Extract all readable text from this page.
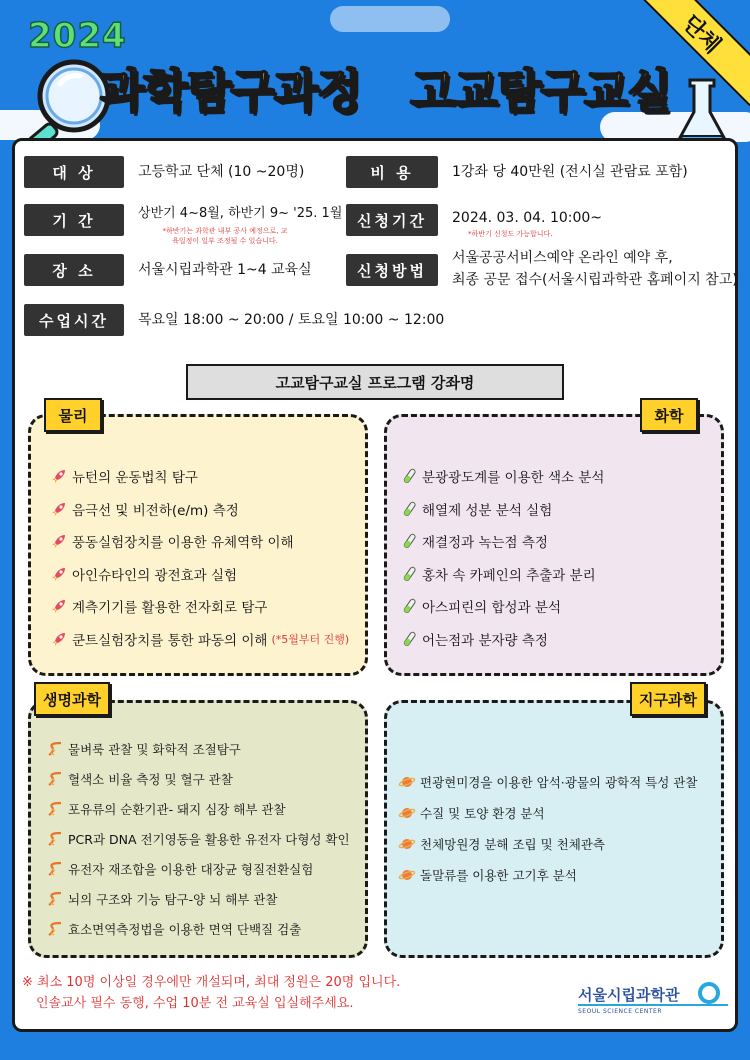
2024
과학탐구과정 고교탐구교실
단체
대 상	고등학교 단체 (10 ~20명)	비 용	1강좌 당 40만원 (전시실 관람료 포함)
기 간	상반기 4~8월, 하반기 9~ '25. 1월
*하반기는 과학관 내부 공사 예정으로, 교육일정이 일부 조정될 수 있습니다.
신청기간	2024. 03. 04. 10:00~
*하반기 신청도 가능합니다.
장 소	서울시립과학관 1~4 교육실	신청방법
서울공공서비스예약 온라인 예약 후,
최종 공문 접수(서울시립과학관 홈페이지 참고)
수업시간	목요일 18:00 ~ 20:00 / 토요일 10:00 ~ 12:00
고교탐구교실 프로그램 강좌명
물리
뉴턴의 운동법칙 탐구
음극선 및 비전하(e/m) 측정
풍동실험장치를 이용한 유체역학 이해
아인슈타인의 광전효과 실험
계측기기를 활용한 전자회로 탐구
쿤트실험장치를 통한 파동의 이해 (*5월부터 진행)
화학
분광광도계를 이용한 색소 분석
해열제 성분 분석 실험
재결정과 녹는점 측정
홍차 속 카페인의 추출과 분리
아스피린의 합성과 분석
어는점과 분자량 측정
생명과학
물벼룩 관찰 및 화학적 조절탐구
혈색소 비율 측정 및 혈구 관찰
포유류의 순환기관- 돼지 심장 해부 관찰
PCR과 DNA 전기영동을 활용한 유전자 다형성 확인
유전자 재조합을 이용한 대장균 형질전환실험
뇌의 구조와 기능 탐구-양 뇌 해부 관찰
효소면역측정법을 이용한 면역 단백질 검출
지구과학
편광현미경을 이용한 암석·광물의 광학적 특성 관찰
수질 및 토양 환경 분석
천체망원경 분해 조립 및 천체관측
돌말류를 이용한 고기후 분석
※ 최소 10명 이상일 경우에만 개설되며, 최대 정원은 20명 입니다.
인솔교사 필수 동행, 수업 10분 전 교육실 입실해주세요.	서울시립과학관
SEOUL SCIENCE CENTER
